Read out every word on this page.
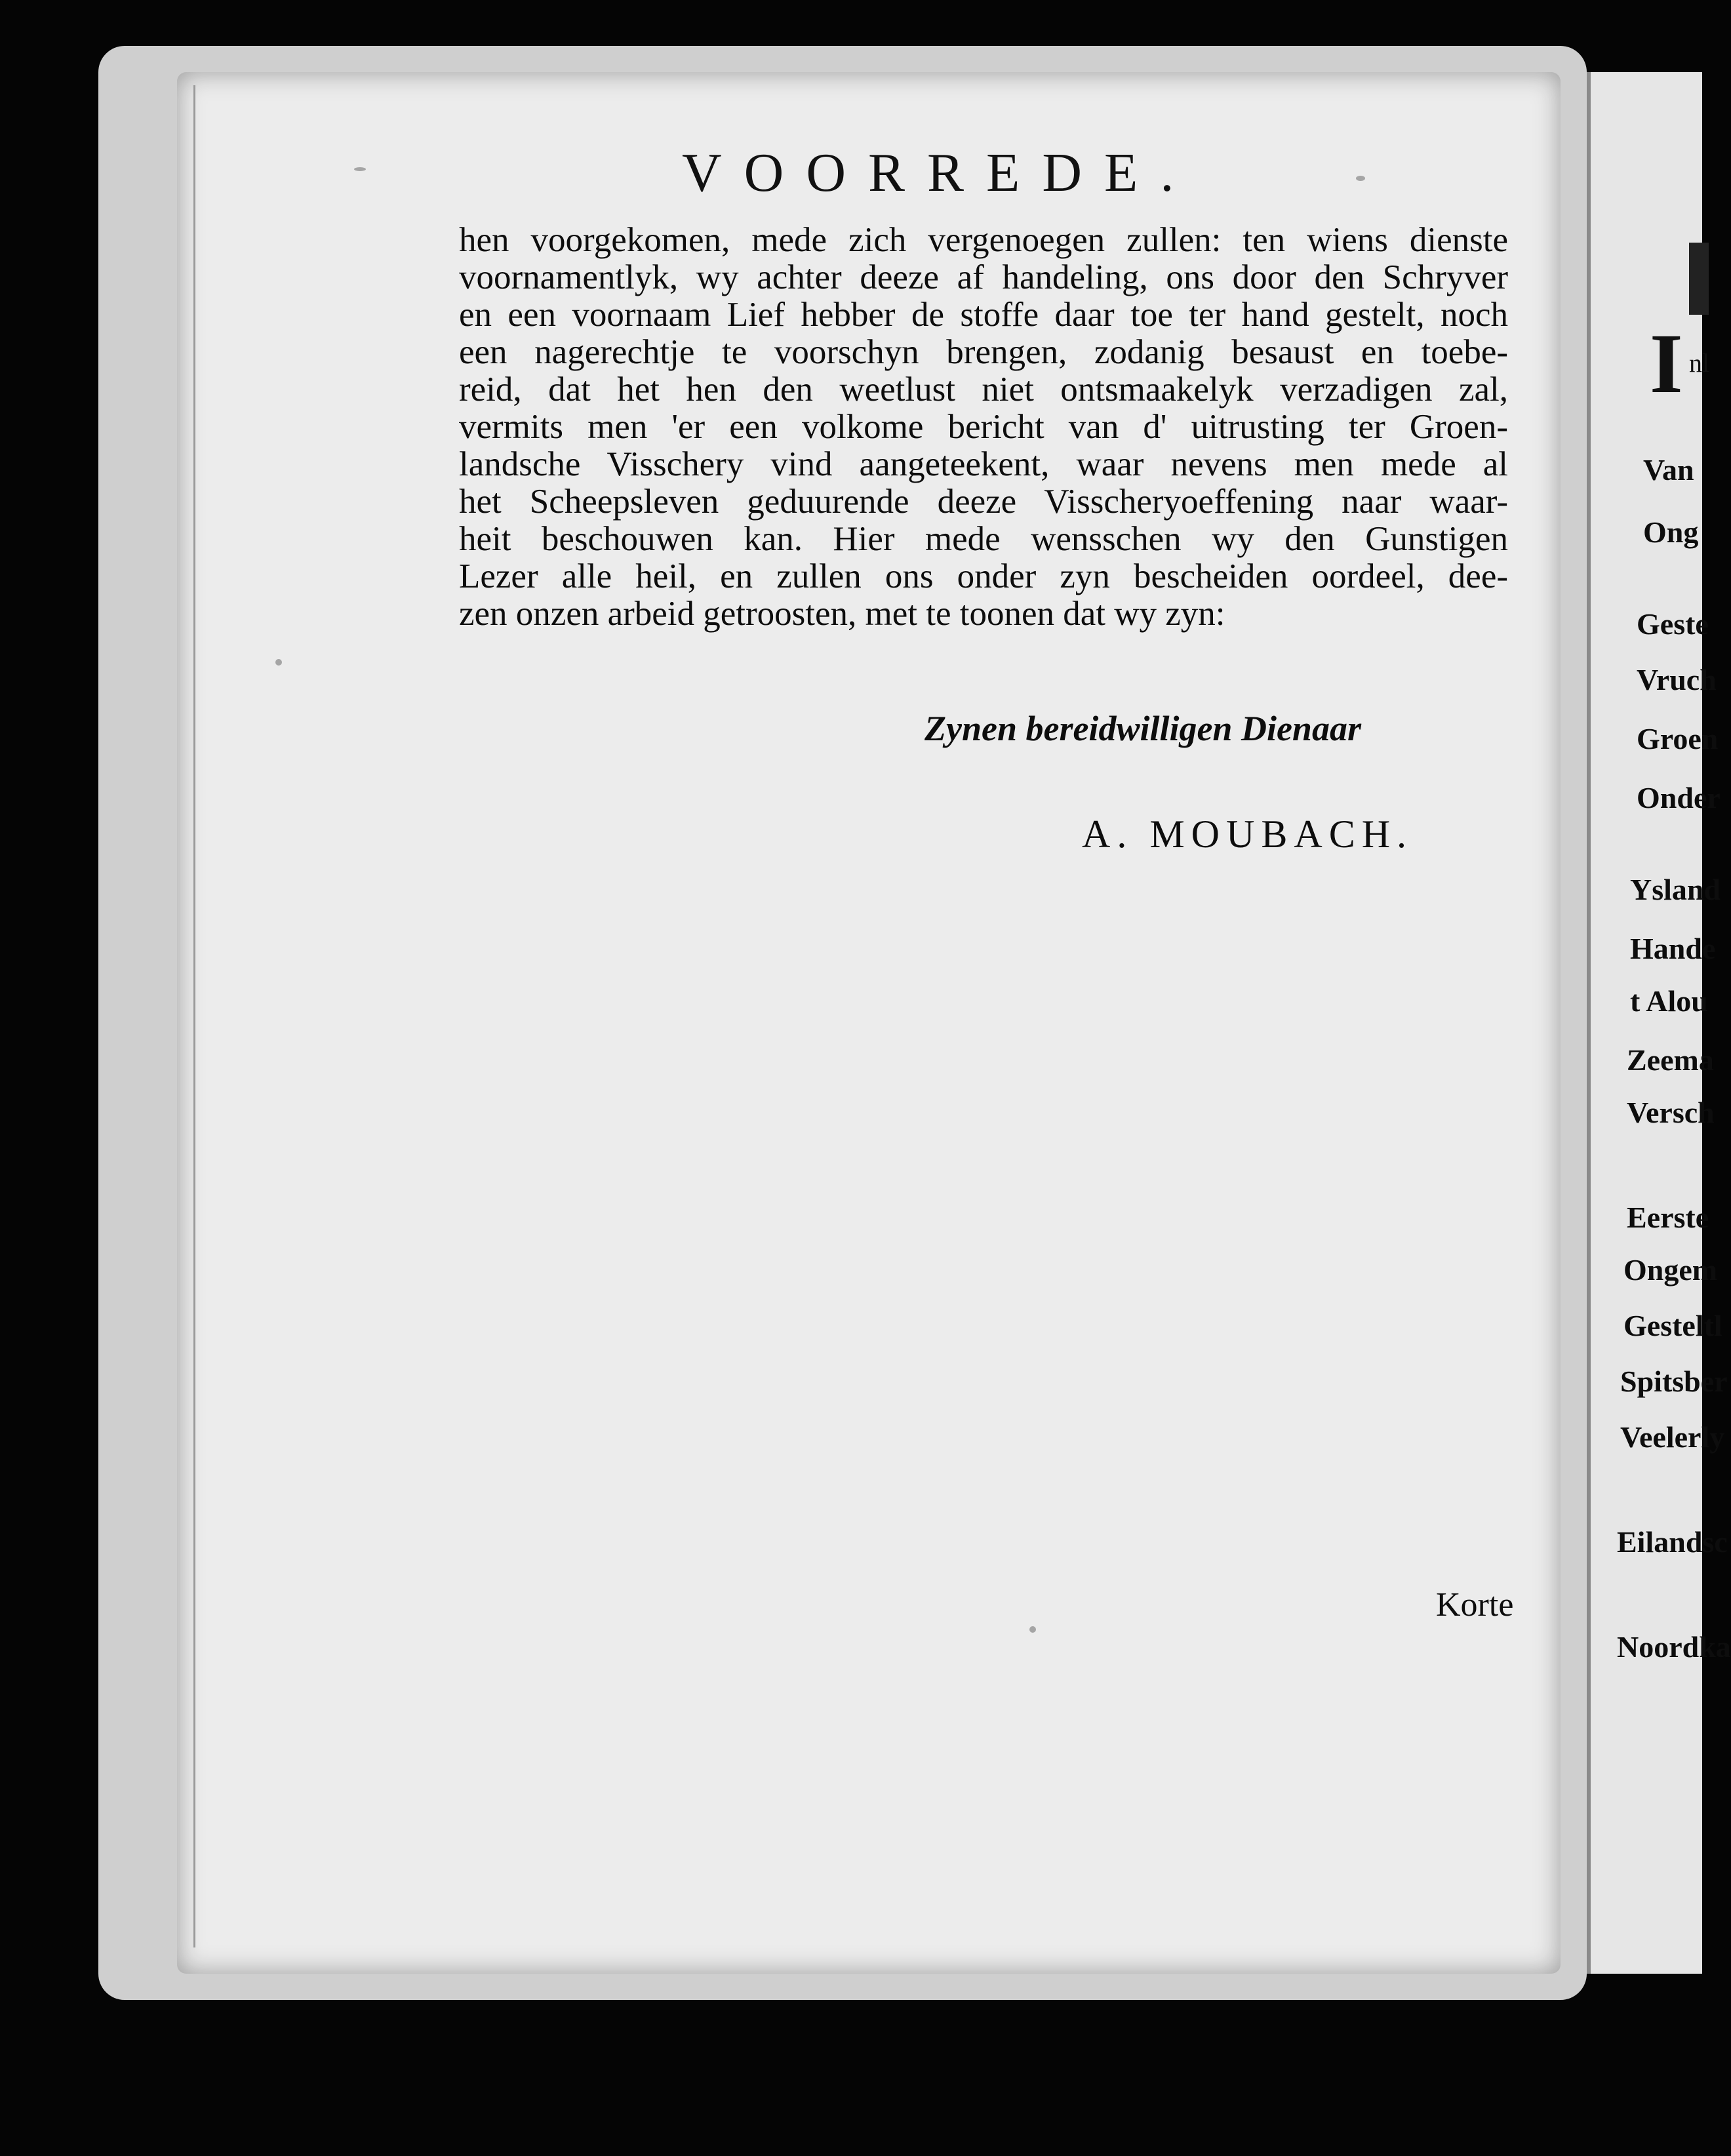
VOORREDE.
hen voorgekomen, mede zich vergenoegen zullen: ten wiens dienste
voornamentlyk, wy achter deeze af handeling, ons door den Schryver
en een voornaam Lief hebber de stoffe daar toe ter hand gestelt, noch
een nagerechtje te voorschyn brengen, zodanig besaust en toebe-
reid, dat het hen den weetlust niet ontsmaakelyk verzadigen zal,
vermits men 'er een volkome bericht van d' uitrusting ter Groen-
landsche Visschery vind aangeteekent, waar nevens men mede al
het Scheepsleven geduurende deeze Visscheryoeffening naar waar-
heit beschouwen kan. Hier mede wensschen wy den Gunstigen
Lezer alle heil, en zullen ons onder zyn bescheiden oordeel, dee-
zen onzen arbeid getroosten, met te toonen dat wy zyn:
Zynen bereidwilligen Dienaar
A. MOUBACH.
Korte
I nl
Van
Ong
Geste
Vruch
Groen
Onder
Ysland
Hande
t Alou
Zeema
Versch
Eerste
Ongem
Gesteltl
Spitsber
Veelerly
Eilandsc
Noordka
